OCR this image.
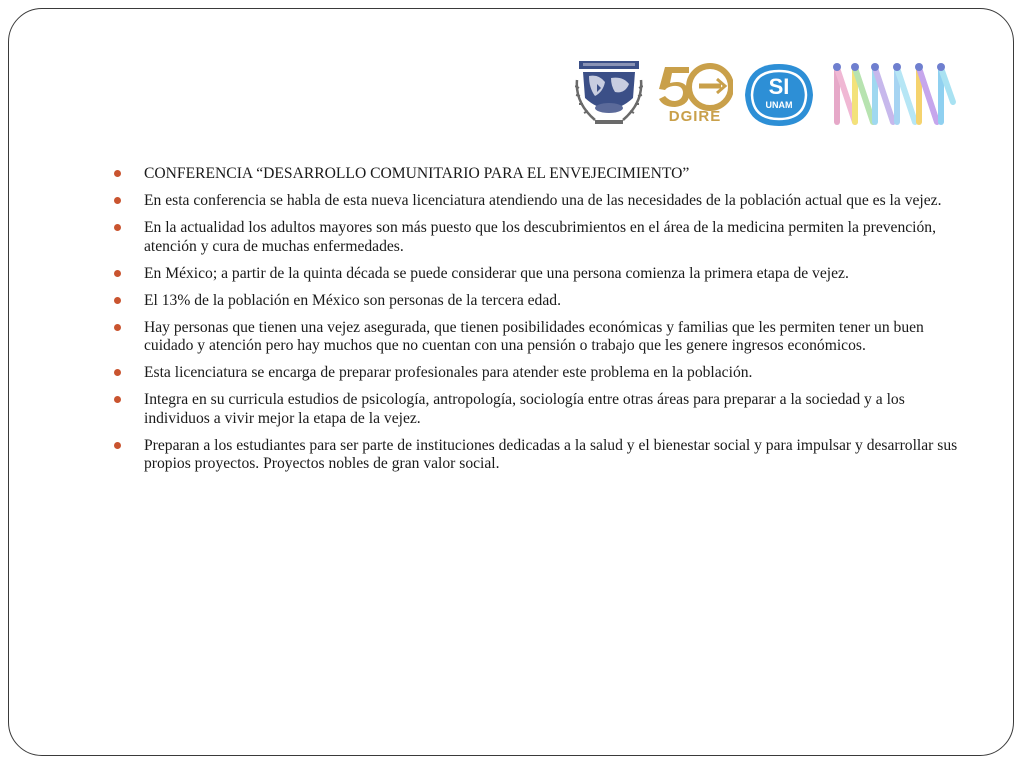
DGIRE
SI
UNAM
CONFERENCIA “DESARROLLO COMUNITARIO PARA EL ENVEJECIMIENTO”
En esta conferencia se habla de esta nueva licenciatura atendiendo una de las necesidades de la población actual que es la vejez.
En la actualidad los adultos mayores son más puesto que los descubrimientos en el área de la medicina permiten la prevención, atención y cura de muchas enfermedades.
En México; a partir de la quinta década se puede considerar que una persona comienza la primera etapa de vejez.
El 13% de la población en México son personas de la tercera edad.
Hay personas que tienen una vejez asegurada, que tienen posibilidades económicas y familias que les permiten tener un buen cuidado y atención pero hay muchos que no cuentan con una pensión o trabajo que les genere ingresos económicos.
Esta licenciatura se encarga de preparar profesionales para atender este problema en la población.
Integra en su curricula estudios de psicología, antropología, sociología entre otras áreas para preparar a la sociedad y a los individuos a vivir mejor la etapa de la vejez.
Preparan a los estudiantes para ser parte de instituciones dedicadas a la salud y el bienestar social y para impulsar y desarrollar sus propios proyectos. Proyectos nobles de gran valor social.
